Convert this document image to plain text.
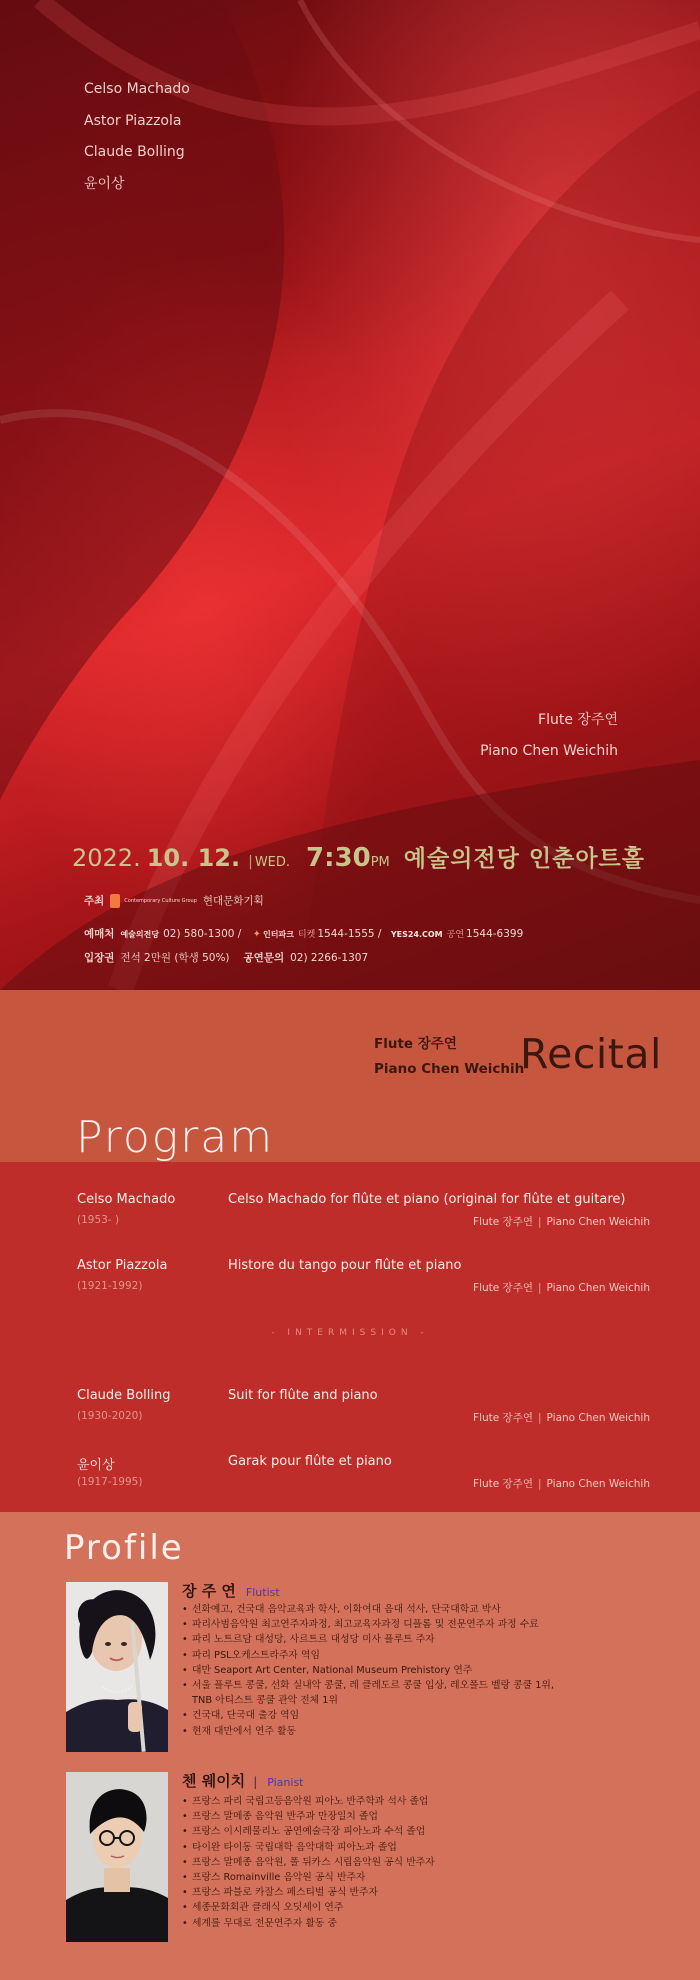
Celso Machado
Astor Piazzola
Claude Bolling
윤이상
Flute 장주연
Piano Chen Weichih
2022. 10. 12. | WED. 7:30PM 예술의전당 인춘아트홀
주최	Contemporary Culture Group 현대문화기획
예매처 예술의전당 02) 580-1300 / ✦ 인터파크 티켓 1544-1555 / YES24.COM 공연 1544-6399
입장권 전석 2만원 (학생 50%) 공연문의 02) 2266-1307
Flute 장주연
Piano Chen Weichih
Recital
Program
Celso Machado
(1953- )
Celso Machado for flûte et piano (original for flûte et guitare)
Flute 장주연 | Piano Chen Weichih
Astor Piazzola
(1921-1992)
Histore du tango pour flûte et piano
Flute 장주연 | Piano Chen Weichih
- INTERMISSION -
Claude Bolling
(1930-2020)
Suit for flûte and piano
Flute 장주연 | Piano Chen Weichih
윤이상
(1917-1995)
Garak pour flûte et piano
Flute 장주연 | Piano Chen Weichih
Profile
장 주 연 Flutist
• 선화예고, 건국대 음악교육과 학사, 이화여대 음대 석사, 단국대학교 박사
• 파리사범음악원 최고연주자과정, 최고교육자과정 디플롬 및 전문연주자 과정 수료
• 파리 노트르담 대성당, 사르트르 대성당 미사 플루트 주자
• 파리 PSL오케스트라주자 역임
• 대만 Seaport Art Center, National Museum Prehistory 연주
• 서울 플루트 콩쿨, 선화 실내악 콩쿨, 레 클레도르 콩쿨 입상, 레오폴드 벨랑 콩쿨 1위,
TNB 아티스트 콩쿨 관악 전체 1위
• 건국대, 단국대 출강 역임
• 현재 대만에서 연주 활동
첸 웨이치 | Pianist
• 프랑스 파리 국립고등음악원 피아노 반주학과 석사 졸업
• 프랑스 말메종 음악원 반주과 만장일치 졸업
• 프랑스 이시레물리노 공연예술극장 피아노과 수석 졸업
• 타이완 타이동 국립대학 음악대학 피아노과 졸업
• 프랑스 말메종 음악원, 폴 뒤카스 시립음악원 공식 반주자
• 프랑스 Romainville 음악원 공식 반주자
• 프랑스 파블로 카잘스 페스티벌 공식 반주자
• 세종문화회관 클래식 오딧세이 연주
• 세계를 무대로 전문연주자 활동 중
